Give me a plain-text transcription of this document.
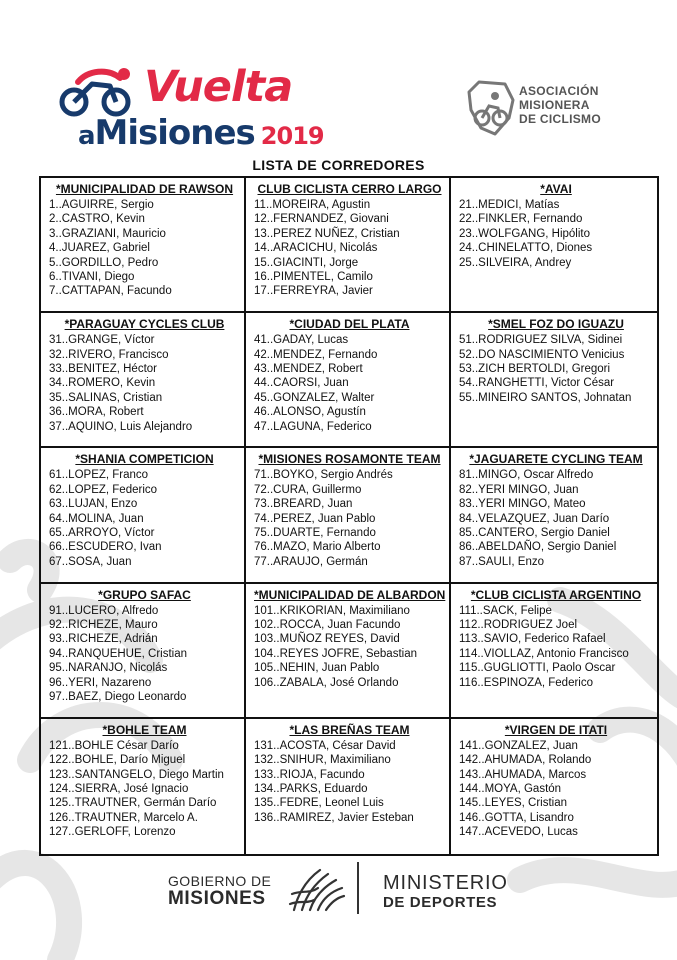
Vuelta
aMisiones 2019
ASOCIACIÓN
MISIONERA
DE CICLISMO
LISTA DE CORREDORES
*MUNICIPALIDAD DE RAWSON
1..AGUIRRE, Sergio
2..CASTRO, Kevin
3..GRAZIANI, Mauricio
4..JUAREZ, Gabriel
5..GORDILLO, Pedro
6..TIVANI, Diego
7..CATTAPAN, Facundo
CLUB CICLISTA CERRO LARGO
11..MOREIRA, Agustin
12..FERNANDEZ, Giovani
13..PEREZ NUÑEZ, Cristian
14..ARACICHU, Nicolás
15..GIACINTI, Jorge
16..PIMENTEL, Camilo
17..FERREYRA, Javier
*AVAI
21..MEDICI, Matías
22..FINKLER, Fernando
23..WOLFGANG, Hipólito
24..CHINELATTO, Diones
25..SILVEIRA, Andrey
*PARAGUAY CYCLES CLUB
31..GRANGE, Víctor
32..RIVERO, Francisco
33..BENITEZ, Héctor
34..ROMERO, Kevin
35..SALINAS, Cristian
36..MORA, Robert
37..AQUINO, Luis Alejandro
*CIUDAD DEL PLATA
41..GADAY, Lucas
42..MENDEZ, Fernando
43..MENDEZ, Robert
44..CAORSI, Juan
45..GONZALEZ, Walter
46..ALONSO, Agustín
47..LAGUNA, Federico
*SMEL FOZ DO IGUAZU
51..RODRIGUEZ SILVA, Sidinei
52..DO NASCIMIENTO Venicius
53..ZICH BERTOLDI, Gregori
54..RANGHETTI, Victor César
55..MINEIRO SANTOS, Johnatan
*SHANIA COMPETICION
61..LOPEZ, Franco
62..LOPEZ, Federico
63..LUJAN, Enzo
64..MOLINA, Juan
65..ARROYO, Víctor
66..ESCUDERO, Ivan
67..SOSA, Juan
*MISIONES ROSAMONTE TEAM
71..BOYKO, Sergio Andrés
72..CURA, Guillermo
73..BREARD, Juan
74..PEREZ, Juan Pablo
75..DUARTE, Fernando
76..MAZO, Mario Alberto
77..ARAUJO, Germán
*JAGUARETE CYCLING TEAM
81..MINGO, Oscar Alfredo
82..YERI MINGO, Juan
83..YERI MINGO, Mateo
84..VELAZQUEZ, Juan Darío
85..CANTERO, Sergio Daniel
86..ABELDAÑO, Sergio Daniel
87..SAULI, Enzo
*GRUPO SAFAC
91..LUCERO, Alfredo
92..RICHEZE, Mauro
93..RICHEZE, Adrián
94..RANQUEHUE, Cristian
95..NARANJO, Nicolás
96..YERI, Nazareno
97..BAEZ, Diego Leonardo
*MUNICIPALIDAD DE ALBARDON
101..KRIKORIAN, Maximiliano
102..ROCCA, Juan Facundo
103..MUÑOZ REYES, David
104..REYES JOFRE, Sebastian
105..NEHIN, Juan Pablo
106..ZABALA, José Orlando
*CLUB CICLISTA ARGENTINO
111..SACK, Felipe
112..RODRIGUEZ Joel
113..SAVIO, Federico Rafael
114..VIOLLAZ, Antonio Francisco
115..GUGLIOTTI, Paolo Oscar
116..ESPINOZA, Federico
*BOHLE TEAM
121..BOHLE César Darío
122..BOHLE, Darío Miguel
123..SANTANGELO, Diego Martin
124..SIERRA, José Ignacio
125..TRAUTNER, Germán Darío
126..TRAUTNER, Marcelo A.
127..GERLOFF, Lorenzo
*LAS BREÑAS TEAM
131..ACOSTA, César David
132..SNIHUR, Maximiliano
133..RIOJA, Facundo
134..PARKS, Eduardo
135..FEDRE, Leonel Luis
136..RAMIREZ, Javier Esteban
*VIRGEN DE ITATI
141..GONZALEZ, Juan
142..AHUMADA, Rolando
143..AHUMADA, Marcos
144..MOYA, Gastón
145..LEYES, Cristian
146..GOTTA, Lisandro
147..ACEVEDO, Lucas
GOBIERNO DE
MISIONES
MINISTERIO
DE DEPORTES
